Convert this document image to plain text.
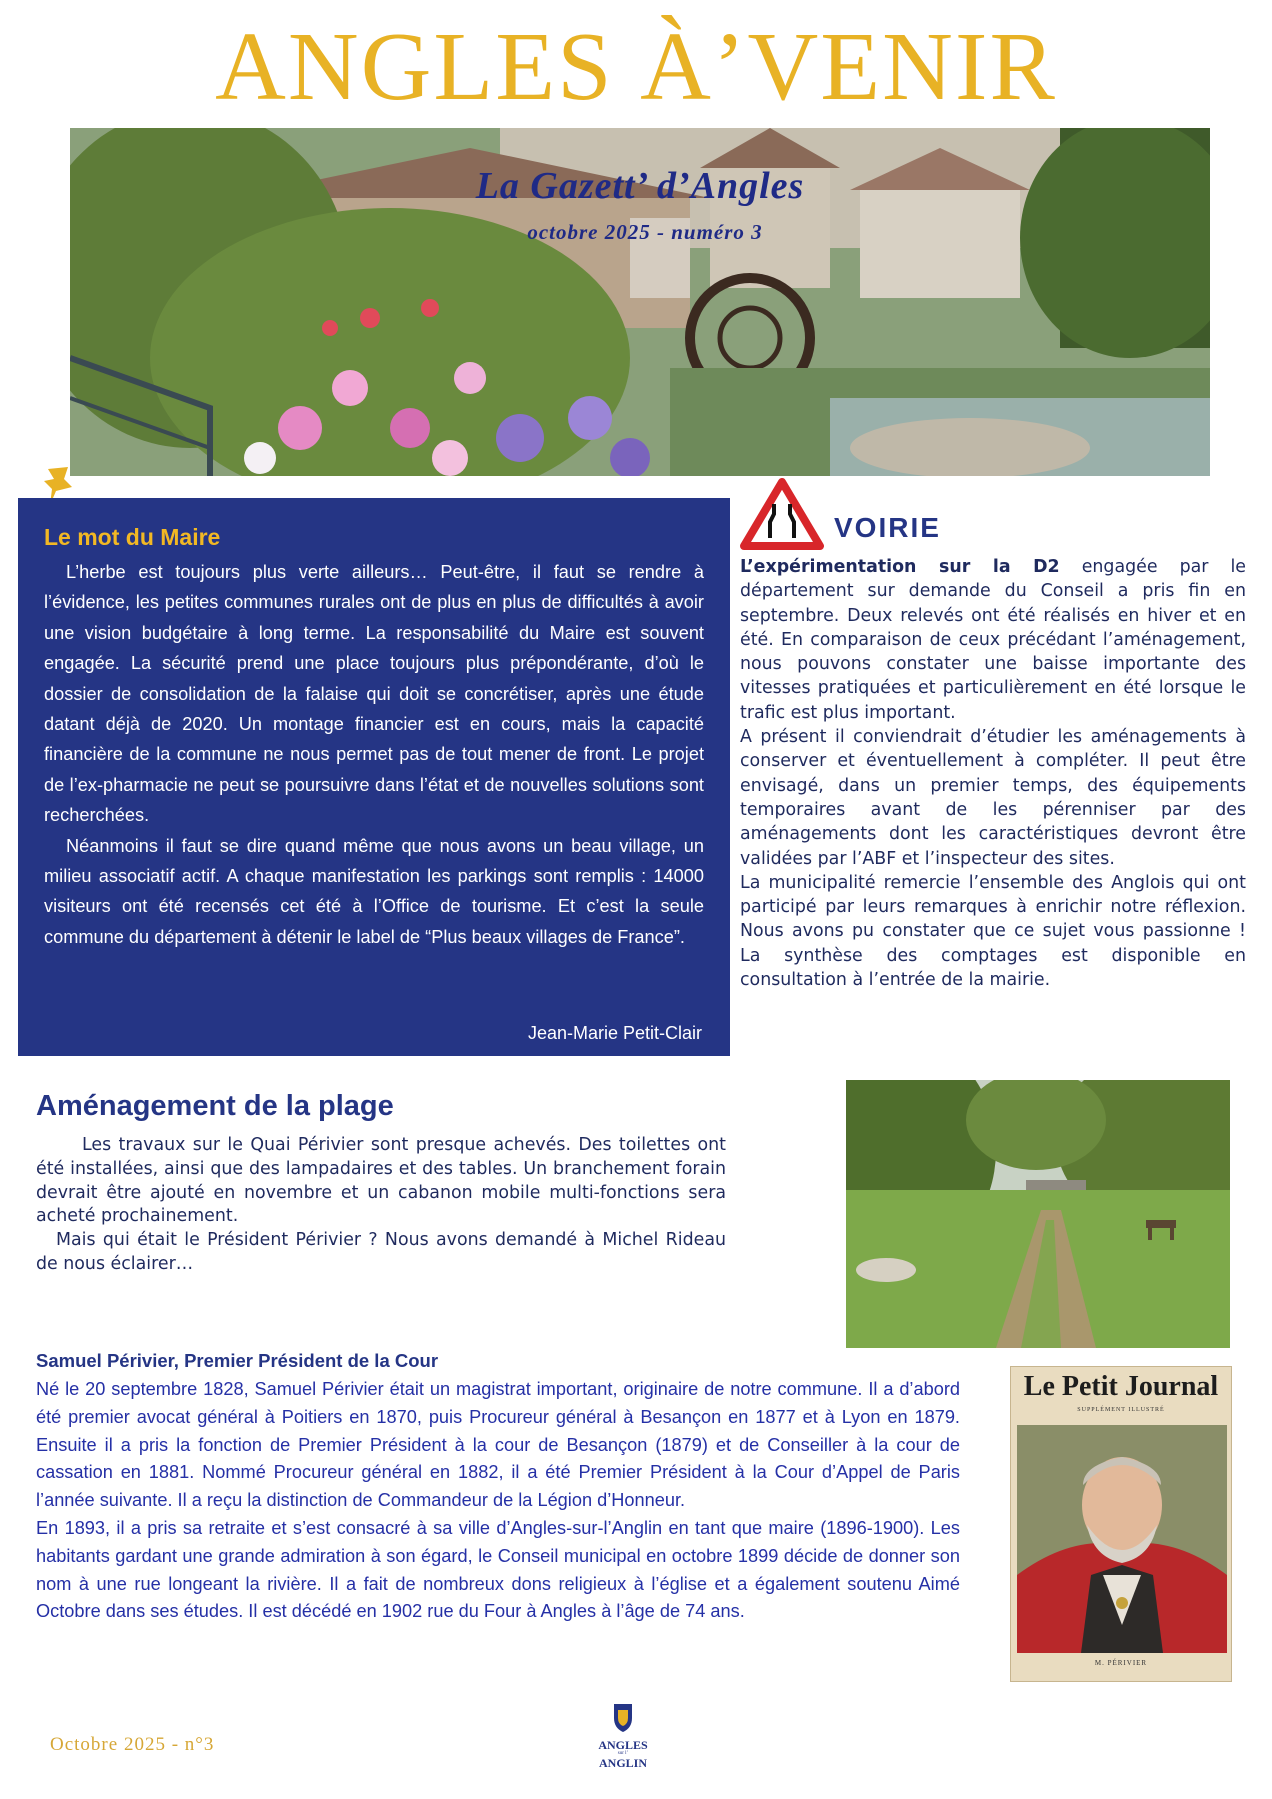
ANGLES À’VENIR
La Gazett’ d’Angles
octobre 2025 - numéro 3
Le mot du Maire

L’herbe est toujours plus verte ailleurs… Peut-être, il faut se rendre à l’évidence, les petites communes rurales ont de plus en plus de difficultés à avoir une vision budgétaire à long terme. La responsabilité du Maire est souvent engagée. La sécurité prend une place toujours plus prépondérante, d’où le dossier de consolidation de la falaise qui doit se concrétiser, après une étude datant déjà de 2020. Un montage financier est en cours, mais la capacité financière de la commune ne nous permet pas de tout mener de front. Le projet de l’ex-pharmacie ne peut se poursuivre dans l’état et de nouvelles solutions sont recherchées.

Néanmoins il faut se dire quand même que nous avons un beau village, un milieu associatif actif. A chaque manifestation les parkings sont remplis : 14000 visiteurs ont été recensés cet été à l’Office de tourisme. Et c’est la seule commune du département à détenir le label de “Plus beaux villages de France”.

Jean-Marie Petit-Clair
VOIRIE

L’expérimentation sur la D2 engagée par le département sur demande du Conseil a pris fin en septembre. Deux relevés ont été réalisés en hiver et en été. En comparaison de ceux précédant l’aménagement, nous pouvons constater une baisse importante des vitesses pratiquées et particulièrement en été lorsque le trafic est plus important.

A présent il conviendrait d’étudier les aménagements à conserver et éventuellement à compléter. Il peut être envisagé, dans un premier temps, des équipements temporaires avant de les pérenniser par des aménagements dont les caractéristiques devront être validées par l’ABF et l’inspecteur des sites.

La municipalité remercie l’ensemble des Anglois qui ont participé par leurs remarques à enrichir notre réflexion. Nous avons pu constater que ce sujet vous passionne ! La synthèse des comptages est disponible en consultation à l’entrée de la mairie.

Aménagement de la plage

Les travaux sur le Quai Périvier sont presque achevés. Des toilettes ont été installées, ainsi que des lampadaires et des tables. Un branchement forain devrait être ajouté en novembre et un cabanon mobile multi-fonctions sera acheté prochainement.

Mais qui était le Président Périvier ? Nous avons demandé à Michel Rideau de nous éclairer…

Samuel Périvier, Premier Président de la Cour

Né le 20 septembre 1828, Samuel Périvier était un magistrat important, originaire de notre commune. Il a d’abord été premier avocat général à Poitiers en 1870, puis Procureur général à Besançon en 1877 et à Lyon en 1879. Ensuite il a pris la fonction de Premier Président à la cour de Besançon (1879) et de Conseiller à la cour de cassation en 1881. Nommé Procureur général en 1882, il a été Premier Président à la Cour d’Appel de Paris l’année suivante. Il a reçu la distinction de Commandeur de la Légion d’Honneur.

En 1893, il a pris sa retraite et s’est consacré à sa ville d’Angles-sur-l’Anglin en tant que maire (1896-1900). Les habitants gardant une grande admiration à son égard, le Conseil municipal en octobre 1899 décide de donner son nom à une rue longeant la rivière. Il a fait de nombreux dons religieux à l’église et a également soutenu Aimé Octobre dans ses études. Il est décédé en 1902 rue du Four à Angles à l’âge de 74 ans.

Le Petit Journal
SUPPLÉMENT ILLUSTRÉ
M. PÉRIVIER
Octobre 2025 - n°3	ANGLES
sur l’
ANGLIN
